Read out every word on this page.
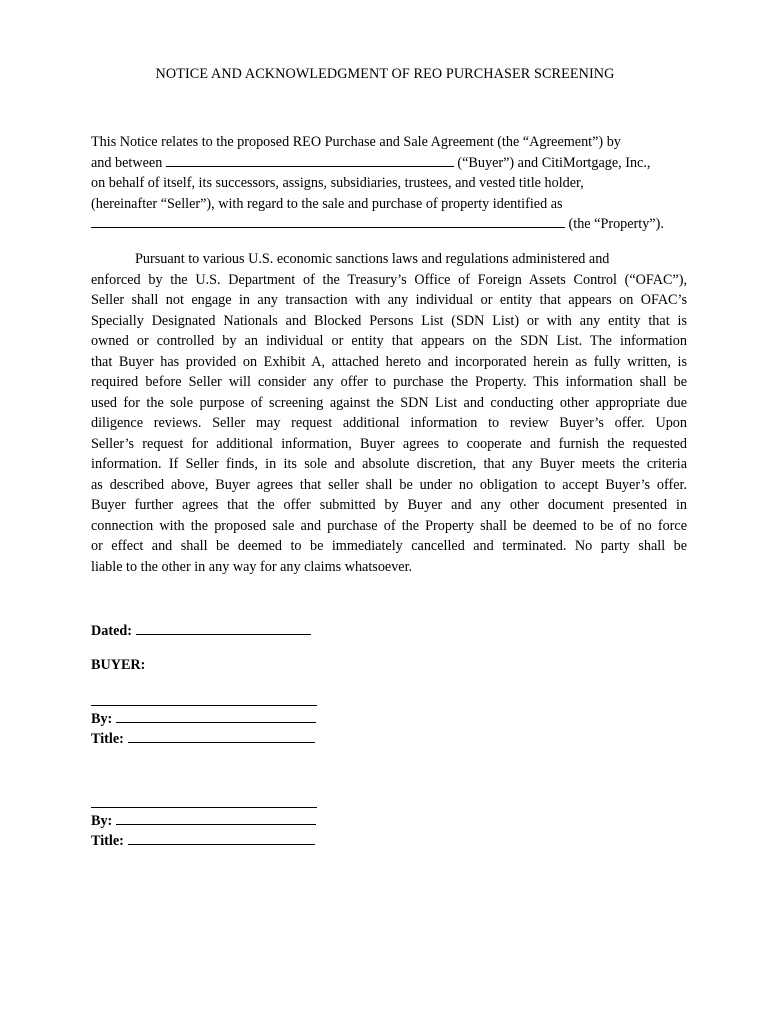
NOTICE AND ACKNOWLEDGMENT OF REO PURCHASER SCREENING
This Notice relates to the proposed REO Purchase and Sale Agreement (the “Agreement”) by
and between	(“Buyer”) and CitiMortgage, Inc.,
on behalf of itself, its successors, assigns, subsidiaries, trustees, and vested title holder,
(hereinafter “Seller”), with regard to the sale and purchase of property identified as
(the “Property”).
Pursuant to various U.S. economic sanctions laws and regulations administered and
enforced by the U.S. Department of the Treasury’s Office of Foreign Assets Control (“OFAC”),
Seller shall not engage in any transaction with any individual or entity that appears on OFAC’s
Specially Designated Nationals and Blocked Persons List (SDN List) or with any entity that is
owned or controlled by an individual or entity that appears on the SDN List. The information
that Buyer has provided on Exhibit A, attached hereto and incorporated herein as fully written, is
required before Seller will consider any offer to purchase the Property. This information shall be
used for the sole purpose of screening against the SDN List and conducting other appropriate due
diligence reviews. Seller may request additional information to review Buyer’s offer. Upon
Seller’s request for additional information, Buyer agrees to cooperate and furnish the requested
information. If Seller finds, in its sole and absolute discretion, that any Buyer meets the criteria
as described above, Buyer agrees that seller shall be under no obligation to accept Buyer’s offer.
Buyer further agrees that the offer submitted by Buyer and any other document presented in
connection with the proposed sale and purchase of the Property shall be deemed to be of no force
or effect and shall be deemed to be immediately cancelled and terminated. No party shall be
liable to the other in any way for any claims whatsoever.
Dated:
BUYER:
By:
Title:
By:
Title:
